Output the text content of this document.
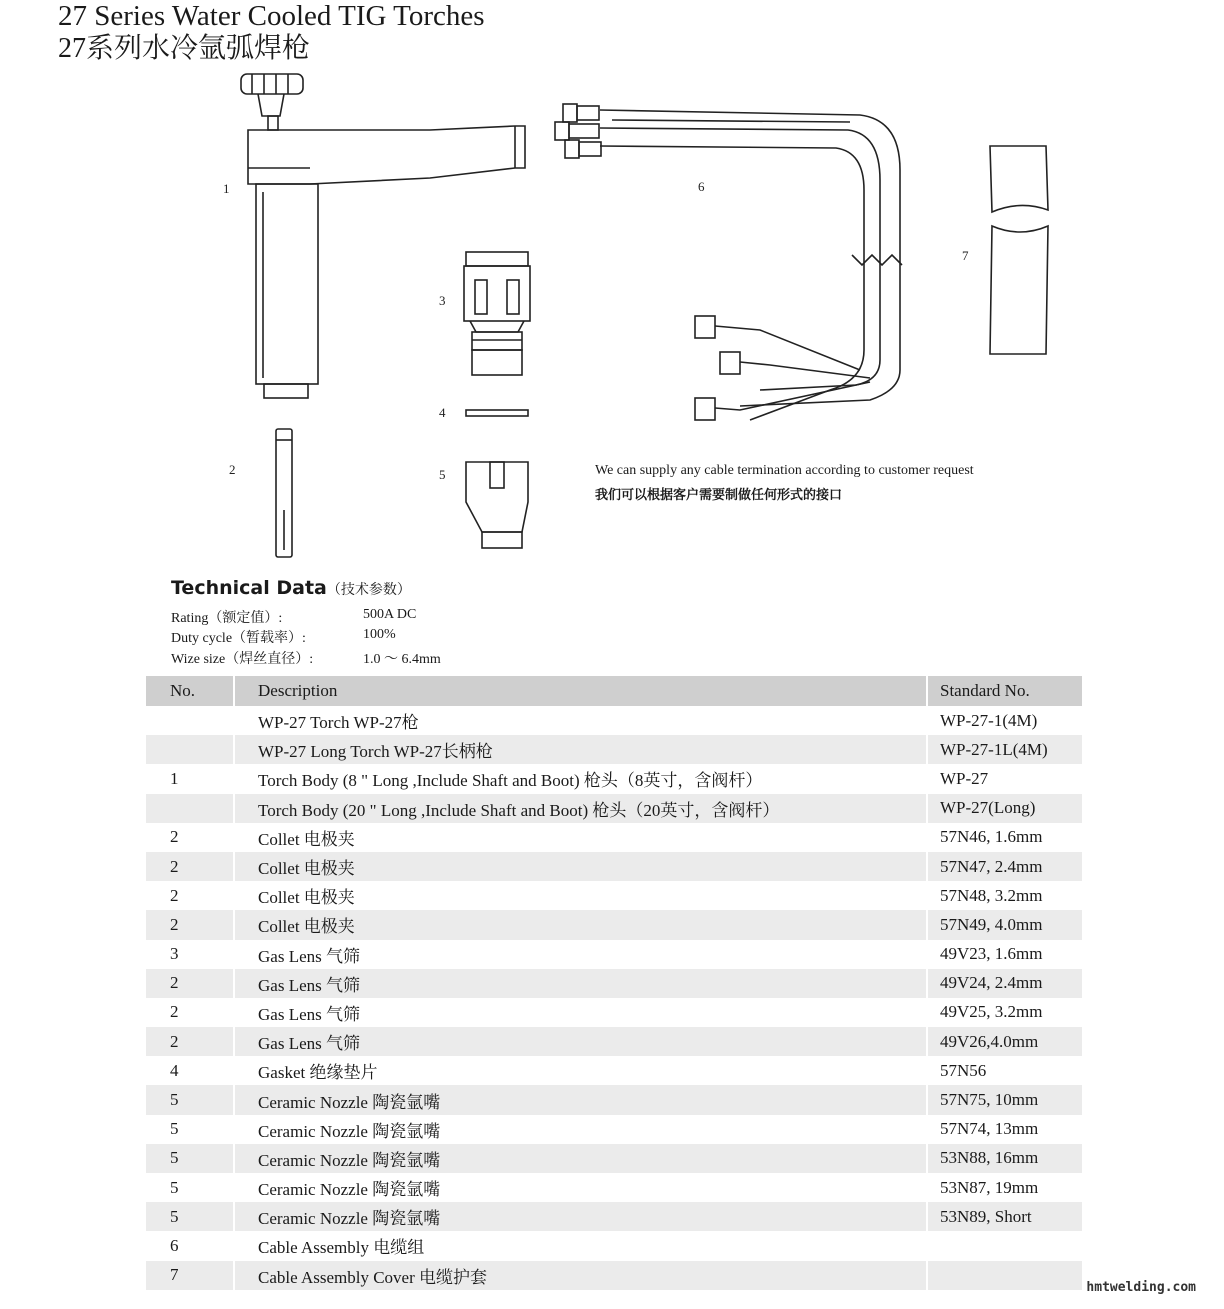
27 Series Water Cooled TIG Torches
27系列水冷氩弧焊枪
1
2
3
4
5
6
7
We can supply any cable termination according to customer request
我们可以根据客户需要制做任何形式的接口
Technical Data（技术参数）
Rating（额定值）:	500A DC
Duty cycle（暂载率）:	100%
Wize size（焊丝直径）:	1.0 ～ 6.4mm
No.	Description	Standard No.
	WP-27 Torch WP-27枪	WP-27-1(4M)
	WP-27 Long Torch WP-27长柄枪	WP-27-1L(4M)
1	Torch Body (8 " Long ,Include Shaft and Boot) 枪头（8英寸，含阀杆）	WP-27
	Torch Body (20 " Long ,Include Shaft and Boot) 枪头（20英寸，含阀杆）	WP-27(Long)
2	Collet 电极夹	57N46, 1.6mm
2	Collet 电极夹	57N47, 2.4mm
2	Collet 电极夹	57N48, 3.2mm
2	Collet 电极夹	57N49, 4.0mm
3	Gas Lens 气筛	49V23, 1.6mm
2	Gas Lens 气筛	49V24, 2.4mm
2	Gas Lens 气筛	49V25, 3.2mm
2	Gas Lens 气筛	49V26,4.0mm
4	Gasket 绝缘垫片	57N56
5	Ceramic Nozzle 陶瓷氩嘴	57N75, 10mm
5	Ceramic Nozzle 陶瓷氩嘴	57N74, 13mm
5	Ceramic Nozzle 陶瓷氩嘴	53N88, 16mm
5	Ceramic Nozzle 陶瓷氩嘴	53N87, 19mm
5	Ceramic Nozzle 陶瓷氩嘴	53N89, Short
6	Cable Assembly 电缆组	
7	Cable Assembly Cover 电缆护套	
hmtwelding.com
